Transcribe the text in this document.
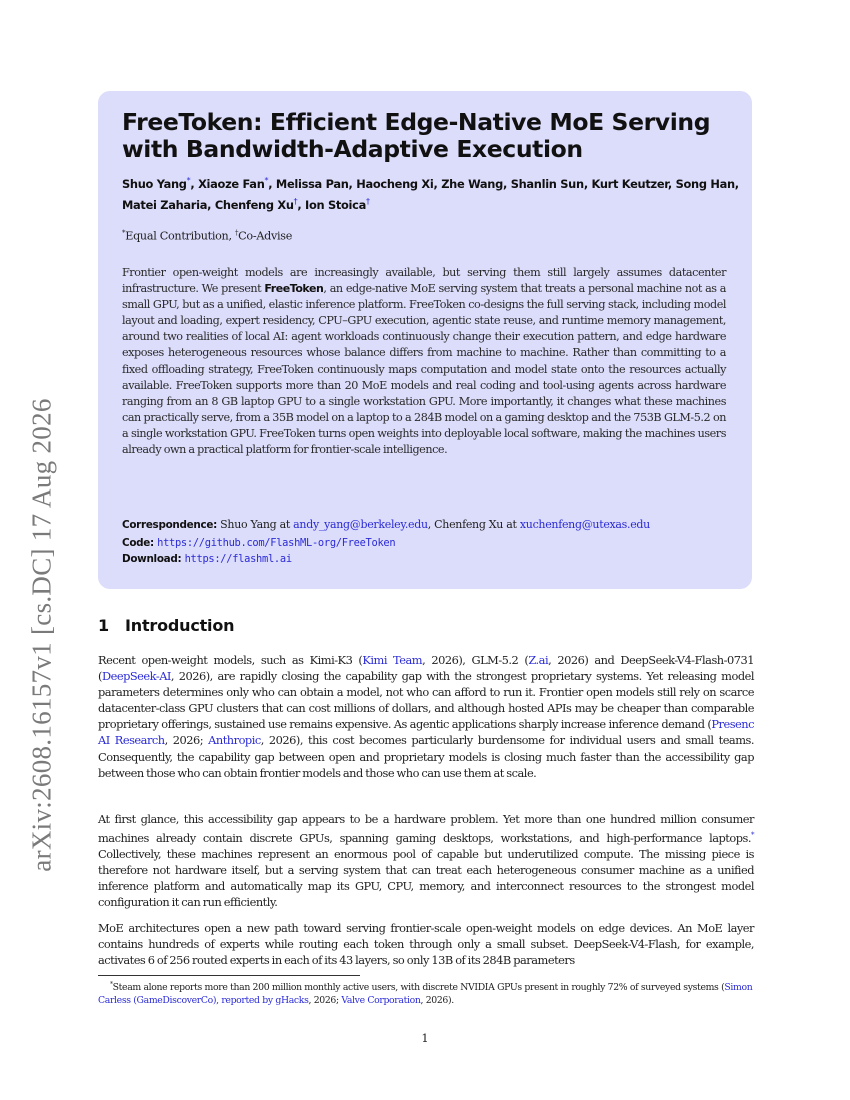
arXiv:2608.16157v1 [cs.DC] 17 Aug 2026
FreeToken: Efficient Edge-Native MoE Serving with Bandwidth-Adaptive Execution

Shuo Yang*, Xiaoze Fan*, Melissa Pan, Haocheng Xi, Zhe Wang, Shanlin Sun, Kurt Keutzer, Song Han, Matei Zaharia, Chenfeng Xu†, Ion Stoica†

*Equal Contribution, †Co-Advise

Frontier open-weight models are increasingly available, but serving them still largely assumes datacenter infrastructure. We present FreeToken, an edge-native MoE serving system that treats a personal machine not as a small GPU, but as a unified, elastic inference platform. FreeToken co-designs the full serving stack, including model layout and loading, expert residency, CPU–GPU execution, agentic state reuse, and runtime memory management, around two realities of local AI: agent workloads continuously change their execution pattern, and edge hardware exposes heterogeneous resources whose balance differs from machine to machine. Rather than committing to a fixed offloading strategy, FreeToken continuously maps computation and model state onto the resources actually available. FreeToken supports more than 20 MoE models and real coding and tool-using agents across hardware ranging from an 8 GB laptop GPU to a single workstation GPU. More importantly, it changes what these machines can practically serve, from a 35B model on a laptop to a 284B model on a gaming desktop and the 753B GLM-5.2 on a single workstation GPU. FreeToken turns open weights into deployable local software, making the machines users already own a practical platform for frontier-scale intelligence.

Correspondence: Shuo Yang at andy_yang@berkeley.edu, Chenfeng Xu at xuchenfeng@utexas.edu

Code: https://github.com/FlashML-org/FreeToken

Download: https://flashml.ai

1 Introduction

Recent open-weight models, such as Kimi-K3 (Kimi Team, 2026), GLM-5.2 (Z.ai, 2026) and DeepSeek-V4-Flash-0731 (DeepSeek-AI, 2026), are rapidly closing the capability gap with the strongest proprietary systems. Yet releasing model parameters determines only who can obtain a model, not who can afford to run it. Frontier open models still rely on scarce datacenter-class GPU clusters that can cost millions of dollars, and although hosted APIs may be cheaper than comparable proprietary offerings, sustained use remains expensive. As agentic applications sharply increase inference demand (Presenc AI Research, 2026; Anthropic, 2026), this cost becomes particularly burdensome for individual users and small teams. Consequently, the capability gap between open and proprietary models is closing much faster than the accessibility gap between those who can obtain frontier models and those who can use them at scale.

At first glance, this accessibility gap appears to be a hardware problem. Yet more than one hundred million consumer machines already contain discrete GPUs, spanning gaming desktops, workstations, and high-performance laptops.* Collectively, these machines represent an enormous pool of capable but underutilized compute. The missing piece is therefore not hardware itself, but a serving system that can treat each heterogeneous consumer machine as a unified inference platform and automatically map its GPU, CPU, memory, and interconnect resources to the strongest model configuration it can run efficiently.

MoE architectures open a new path toward serving frontier-scale open-weight models on edge devices. An MoE layer contains hundreds of experts while routing each token through only a small subset. DeepSeek-V4-Flash, for example, activates 6 of 256 routed experts in each of its 43 layers, so only 13B of its 284B parameters

*Steam alone reports more than 200 million monthly active users, with discrete NVIDIA GPUs present in roughly 72% of surveyed systems (Simon Carless (GameDiscoverCo), reported by gHacks, 2026; Valve Corporation, 2026).

1
